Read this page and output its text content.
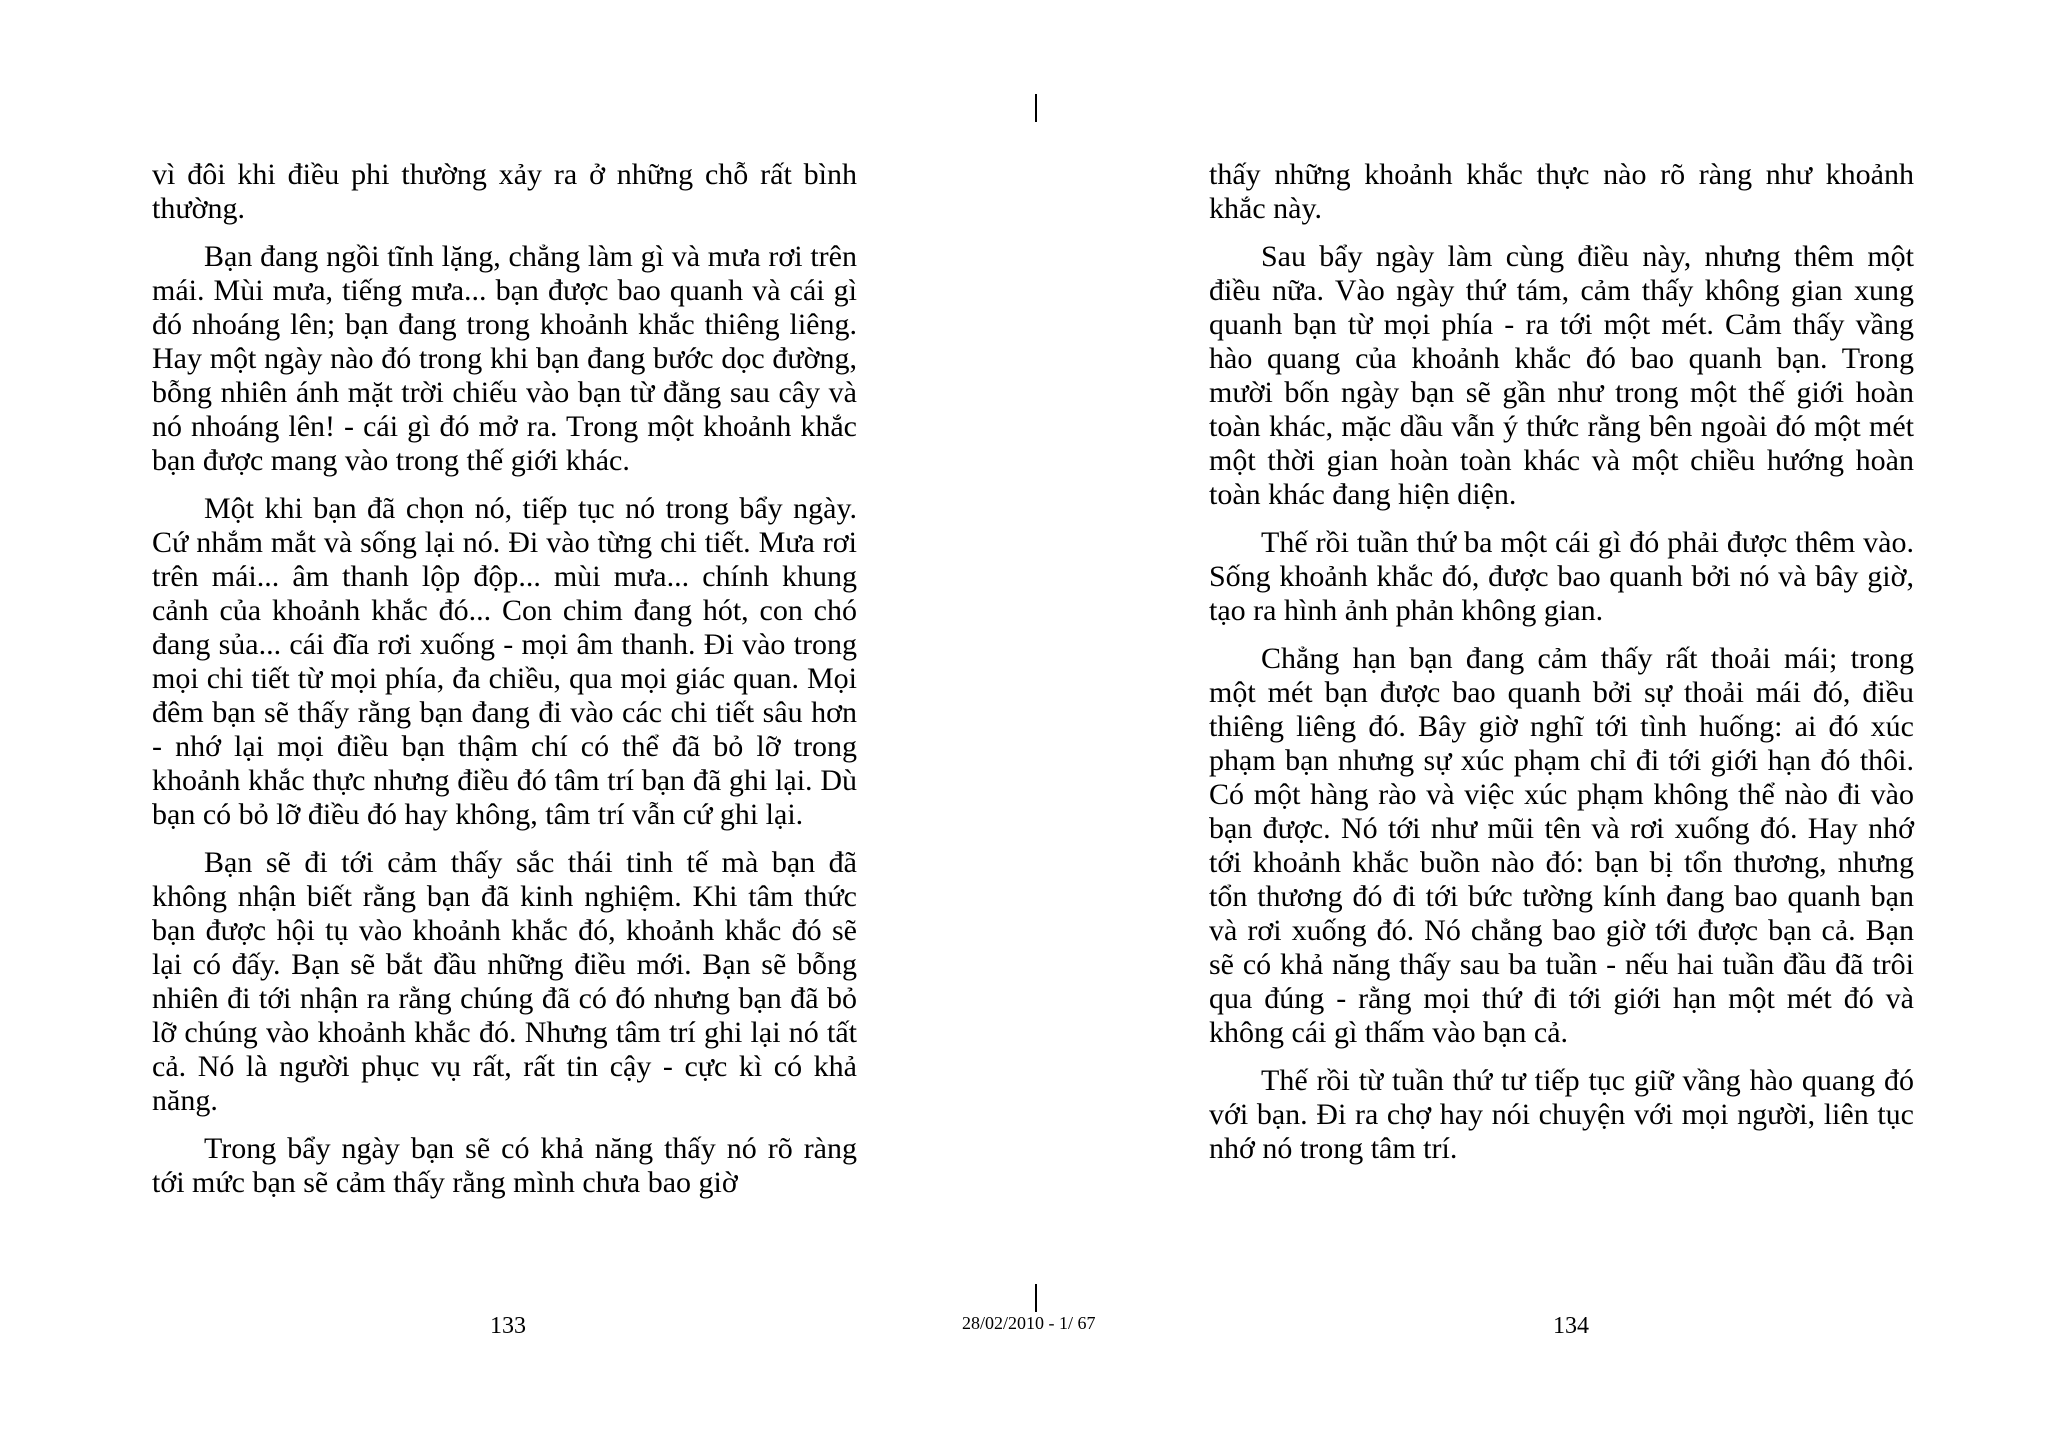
vì đôi khi điều phi thường xảy ra ở những chỗ rất bình thường.

Bạn đang ngồi tĩnh lặng, chẳng làm gì và mưa rơi trên mái. Mùi mưa, tiếng mưa... bạn được bao quanh và cái gì đó nhoáng lên; bạn đang trong khoảnh khắc thiêng liêng. Hay một ngày nào đó trong khi bạn đang bước dọc đường, bỗng nhiên ánh mặt trời chiếu vào bạn từ đằng sau cây và nó nhoáng lên! - cái gì đó mở ra. Trong một khoảnh khắc bạn được mang vào trong thế giới khác.

Một khi bạn đã chọn nó, tiếp tục nó trong bẩy ngày. Cứ nhắm mắt và sống lại nó. Đi vào từng chi tiết. Mưa rơi trên mái... âm thanh lộp độp... mùi mưa... chính khung cảnh của khoảnh khắc đó... Con chim đang hót, con chó đang sủa... cái đĩa rơi xuống - mọi âm thanh. Đi vào trong mọi chi tiết từ mọi phía, đa chiều, qua mọi giác quan. Mọi đêm bạn sẽ thấy rằng bạn đang đi vào các chi tiết sâu hơn - nhớ lại mọi điều bạn thậm chí có thể đã bỏ lỡ trong khoảnh khắc thực nhưng điều đó tâm trí bạn đã ghi lại. Dù bạn có bỏ lỡ điều đó hay không, tâm trí vẫn cứ ghi lại.

Bạn sẽ đi tới cảm thấy sắc thái tinh tế mà bạn đã không nhận biết rằng bạn đã kinh nghiệm. Khi tâm thức bạn được hội tụ vào khoảnh khắc đó, khoảnh khắc đó sẽ lại có đấy. Bạn sẽ bắt đầu những điều mới. Bạn sẽ bỗng nhiên đi tới nhận ra rằng chúng đã có đó nhưng bạn đã bỏ lỡ chúng vào khoảnh khắc đó. Nhưng tâm trí ghi lại nó tất cả. Nó là người phục vụ rất, rất tin cậy - cực kì có khả năng.

Trong bẩy ngày bạn sẽ có khả năng thấy nó rõ ràng tới mức bạn sẽ cảm thấy rằng mình chưa bao giờ

thấy những khoảnh khắc thực nào rõ ràng như khoảnh khắc này.

Sau bẩy ngày làm cùng điều này, nhưng thêm một điều nữa. Vào ngày thứ tám, cảm thấy không gian xung quanh bạn từ mọi phía - ra tới một mét. Cảm thấy vầng hào quang của khoảnh khắc đó bao quanh bạn. Trong mười bốn ngày bạn sẽ gần như trong một thế giới hoàn toàn khác, mặc dầu vẫn ý thức rằng bên ngoài đó một mét một thời gian hoàn toàn khác và một chiều hướng hoàn toàn khác đang hiện diện.

Thế rồi tuần thứ ba một cái gì đó phải được thêm vào. Sống khoảnh khắc đó, được bao quanh bởi nó và bây giờ, tạo ra hình ảnh phản không gian.

Chẳng hạn bạn đang cảm thấy rất thoải mái; trong một mét bạn được bao quanh bởi sự thoải mái đó, điều thiêng liêng đó. Bây giờ nghĩ tới tình huống: ai đó xúc phạm bạn nhưng sự xúc phạm chỉ đi tới giới hạn đó thôi. Có một hàng rào và việc xúc phạm không thể nào đi vào bạn được. Nó tới như mũi tên và rơi xuống đó. Hay nhớ tới khoảnh khắc buồn nào đó: bạn bị tổn thương, nhưng tổn thương đó đi tới bức tường kính đang bao quanh bạn và rơi xuống đó. Nó chẳng bao giờ tới được bạn cả. Bạn sẽ có khả năng thấy sau ba tuần - nếu hai tuần đầu đã trôi qua đúng - rằng mọi thứ đi tới giới hạn một mét đó và không cái gì thấm vào bạn cả.

Thế rồi từ tuần thứ tư tiếp tục giữ vầng hào quang đó với bạn. Đi ra chợ hay nói chuyện với mọi người, liên tục nhớ nó trong tâm trí.

133	28/02/2010 - 1/ 67	134
